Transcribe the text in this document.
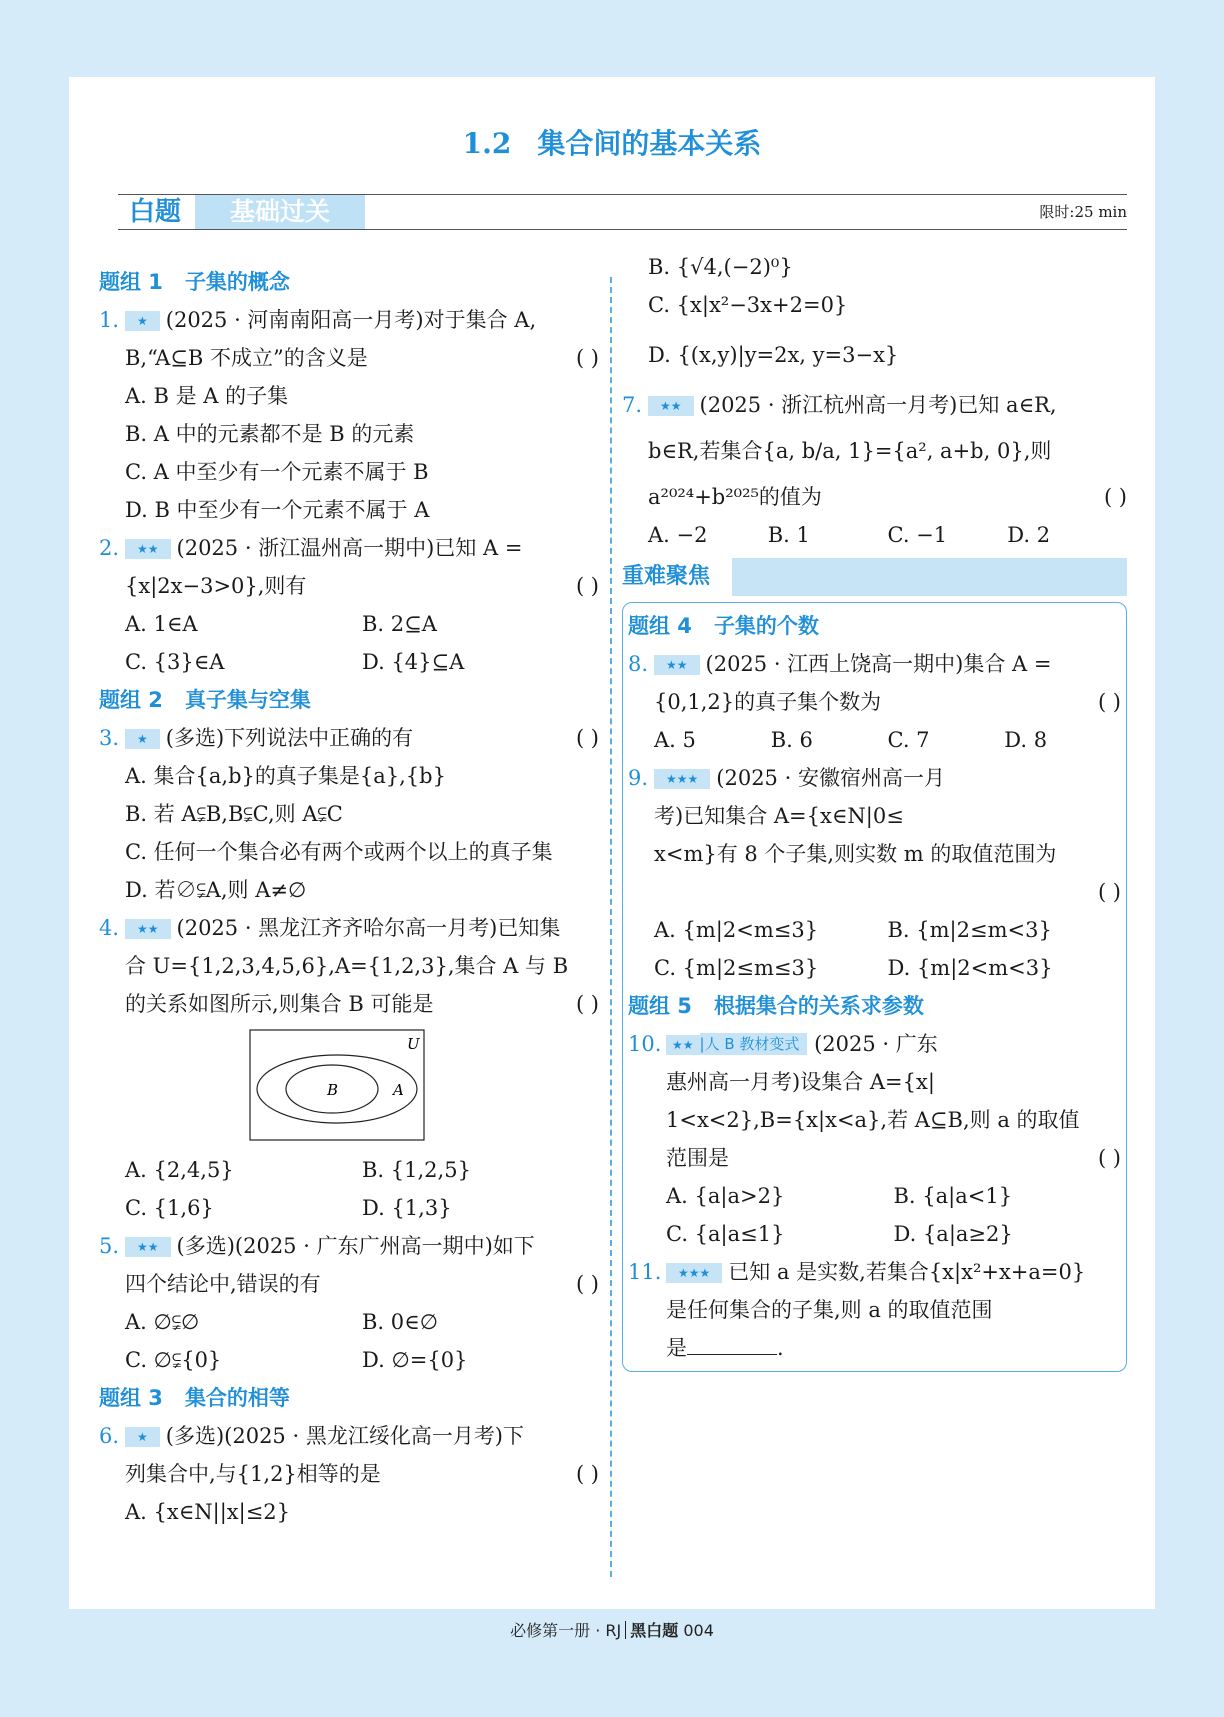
1.2 集合间的基本关系
白题	基础过关	限时:25 min
题组 1 子集的概念
1.	★ (2025 · 河南南阳高一月考)对于集合 A,
B,“A⊆B 不成立”的含义是	( )
A. B 是 A 的子集
B. A 中的元素都不是 B 的元素
C. A 中至少有一个元素不属于 B
D. B 中至少有一个元素不属于 A
2.	★★ (2025 · 浙江温州高一期中)已知 A =
{x|2x−3>0},则有	( )
A. 1∈A	B. 2⊆A
C. {3}∈A	D. {4}⊆A
题组 2 真子集与空集
3.	★ (多选)下列说法中正确的有	( )
A. 集合{a,b}的真子集是{a},{b}
B. 若 A⫋B,B⫋C,则 A⫋C
C. 任何一个集合必有两个或两个以上的真子集
D. 若∅⫋A,则 A≠∅
4.	★★ (2025 · 黑龙江齐齐哈尔高一月考)已知集
合 U={1,2,3,4,5,6},A={1,2,3},集合 A 与 B
的关系如图所示,则集合 B 可能是	( )
U
A
B
A. {2,4,5}	B. {1,2,5}
C. {1,6}	D. {1,3}
5.	★★ (多选)(2025 · 广东广州高一期中)如下
四个结论中,错误的有	( )
A. ∅⫋∅	B. 0∈∅
C. ∅⫋{0}	D. ∅={0}
题组 3 集合的相等
6.	★ (多选)(2025 · 黑龙江绥化高一月考)下
列集合中,与{1,2}相等的是	( )
A. {x∈N||x|≤2}
B. {√4,(−2)⁰}
C. {x|x²−3x+2=0}
D. {(x,y)|y=2x, y=3−x}
7.	★★ (2025 · 浙江杭州高一月考)已知 a∈R,
b∈R,若集合{a, b/a, 1}={a², a+b, 0},则
a²⁰²⁴+b²⁰²⁵的值为	( )
A. −2	B. 1	C. −1	D. 2
重难聚焦
题组 4 子集的个数
8.	★★ (2025 · 江西上饶高一期中)集合 A =
{0,1,2}的真子集个数为	( )
A. 5	B. 6	C. 7	D. 8
9.	★★★ (2025 · 安徽宿州高一月
考)已知集合 A={x∈N|0≤
x<m}有 8 个子集,则实数 m 的取值范围为
( )
A. {m|2<m≤3}	B. {m|2≤m<3}
C. {m|2≤m≤3}	D. {m|2<m<3}
题组 5 根据集合的关系求参数
10. ★★ |人 B 教材变式 (2025 · 广东
惠州高一月考)设集合 A={x|
1<x<2},B={x|x<a},若 A⊆B,则 a 的取值
范围是	( )
A. {a|a>2}	B. {a|a<1}
C. {a|a≤1}	D. {a|a≥2}
11.	★★★ 已知 a 是实数,若集合{x|x²+x+a=0}
是任何集合的子集,则 a 的取值范围
是	.
必修第一册 · RJ 黑白题 004
